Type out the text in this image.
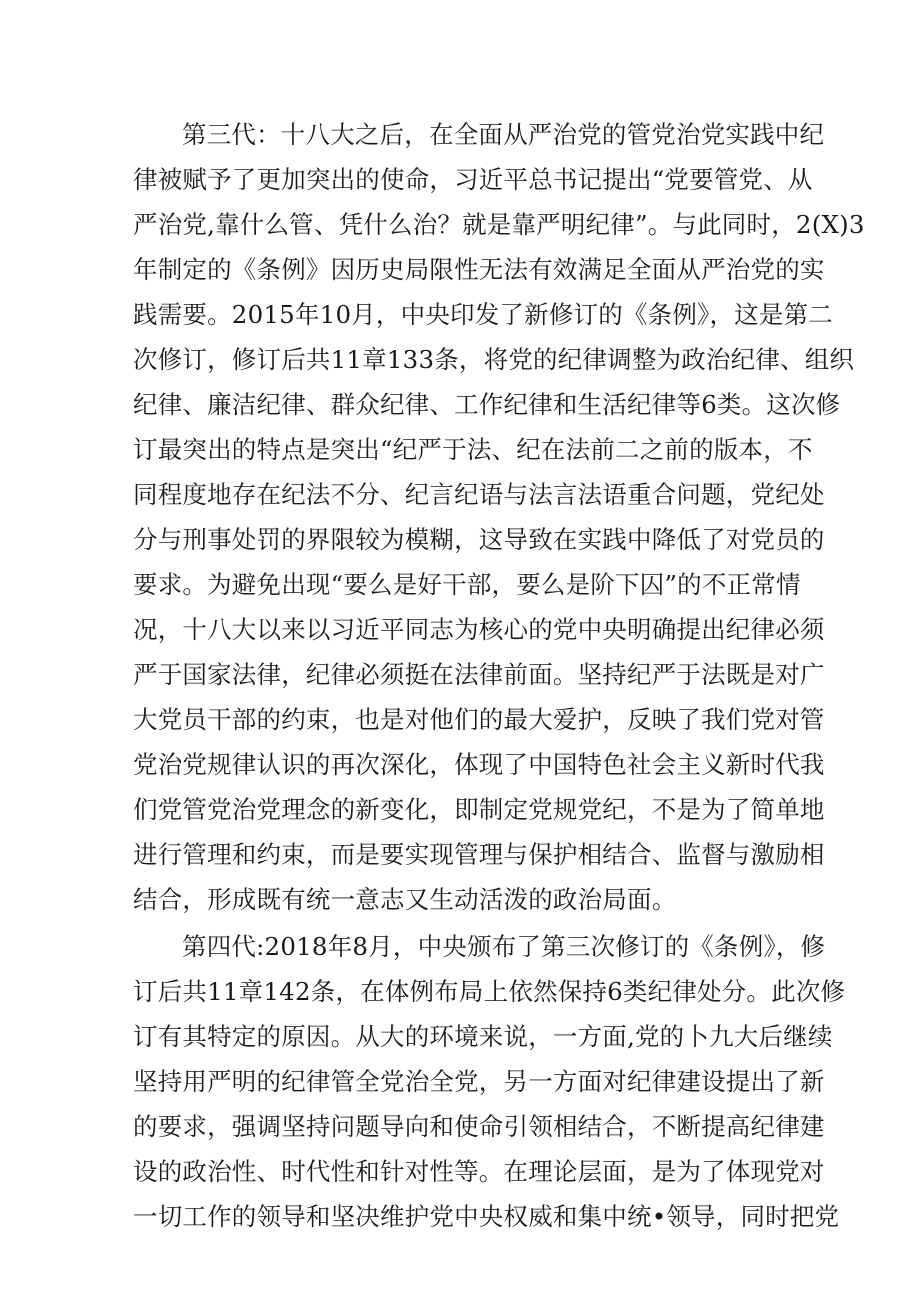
第三代：十八大之后，在全面从严治党的管党治党实践中纪
律被赋予了更加突出的使命，习近平总书记提出“党要管党、从
严治党,靠什么管、凭什么治？就是靠严明纪律”。与此同时，2(X)3
年制定的《条例》因历史局限性无法有效满足全面从严治党的实
践需要。2015年10月，中央印发了新修订的《条例》，这是第二
次修订，修订后共11章133条，将党的纪律调整为政治纪律、组织
纪律、廉洁纪律、群众纪律、工作纪律和生活纪律等6类。这次修
订最突出的特点是突出“纪严于法、纪在法前二之前的版本，不
同程度地存在纪法不分、纪言纪语与法言法语重合问题，党纪处
分与刑事处罚的界限较为模糊，这导致在实践中降低了对党员的
要求。为避免出现“要么是好干部，要么是阶下囚”的不正常情
况，十八大以来以习近平同志为核心的党中央明确提出纪律必须
严于国家法律，纪律必须挺在法律前面。坚持纪严于法既是对广
大党员干部的约束，也是对他们的最大爱护，反映了我们党对管
党治党规律认识的再次深化，体现了中国特色社会主义新时代我
们党管党治党理念的新变化，即制定党规党纪，不是为了简单地
进行管理和约束，而是要实现管理与保护相结合、监督与激励相
结合，形成既有统一意志又生动活泼的政治局面。
第四代:2018年8月，中央颁布了第三次修订的《条例》，修
订后共11章142条，在体例布局上依然保持6类纪律处分。此次修
订有其特定的原因。从大的环境来说，一方面,党的卜九大后继续
坚持用严明的纪律管全党治全党，另一方面对纪律建设提出了新
的要求，强调坚持问题导向和使命引领相结合，不断提高纪律建
设的政治性、时代性和针对性等。在理论层面，是为了体现党对
一切工作的领导和坚决维护党中央权威和集中统•领导，同时把党
